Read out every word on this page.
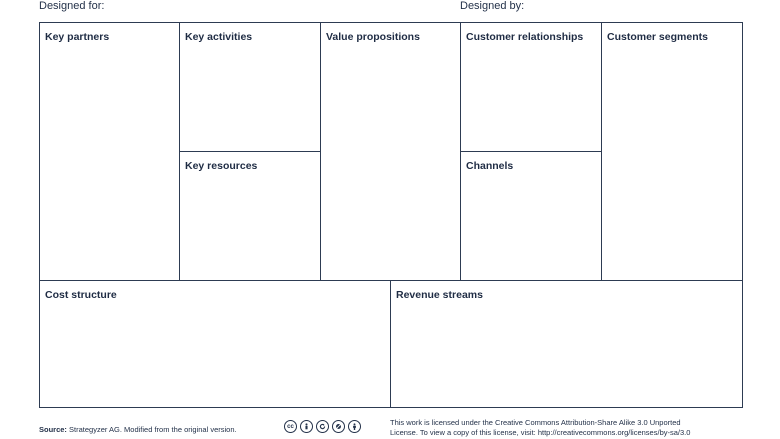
Designed for:	Designed by:
Key partners	Key activities
Key resources
Value propositions	Customer relationships
Channels
Customer segments
Cost structure	Revenue streams
Source: Strategyzer AG. Modified from the original version.	cc	This work is licensed under the Creative Commons Attribution-Share Alike 3.0 Unported
License. To view a copy of this license, visit: http://creativecommons.org/licenses/by-sa/3.0
